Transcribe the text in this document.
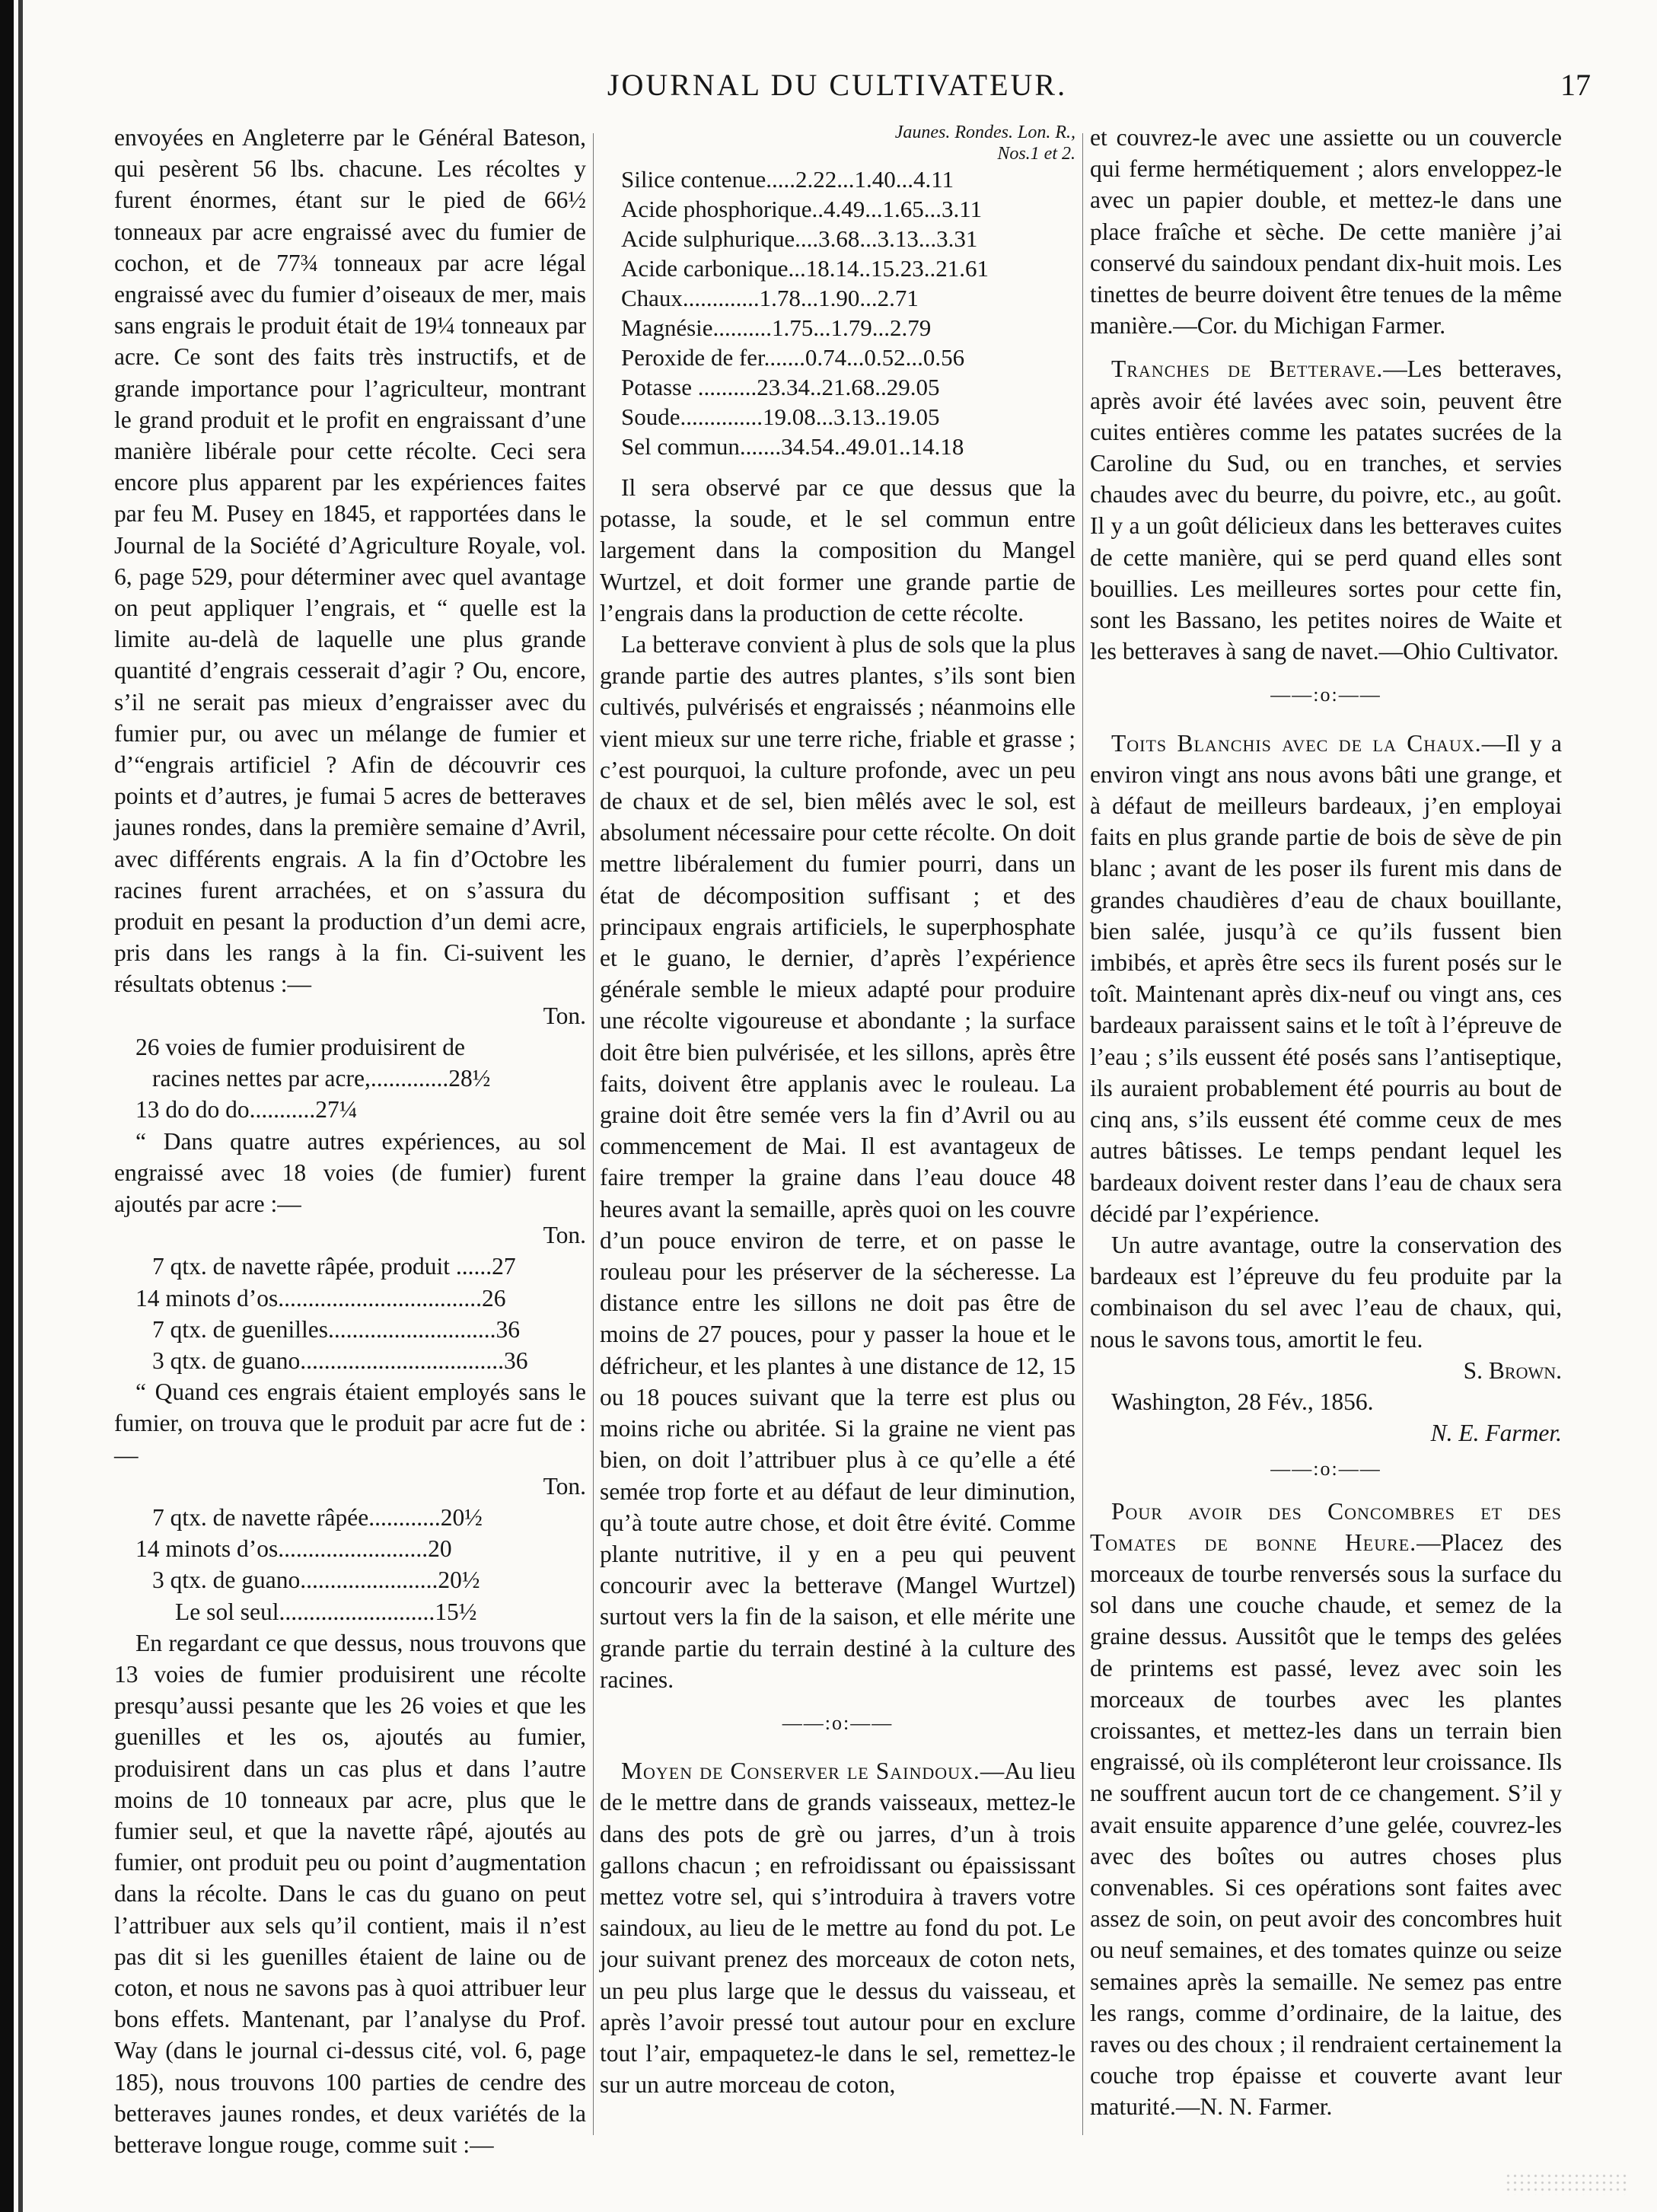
JOURNAL DU CULTIVATEUR.	17

envoyées en Angleterre par le Général Bateson, qui pesèrent 56 lbs. chacune. Les récoltes y furent énormes, étant sur le pied de 66½ tonneaux par acre engraissé avec du fumier de cochon, et de 77¾ tonneaux par acre légal engraissé avec du fumier d’oiseaux de mer, mais sans engrais le produit était de 19¼ tonneaux par acre. Ce sont des faits très instructifs, et de grande importance pour l’agriculteur, montrant le grand produit et le profit en engraissant d’une manière libérale pour cette récolte. Ceci sera encore plus apparent par les expériences faites par feu M. Pusey en 1845, et rapportées dans le Journal de la Société d’Agriculture Royale, vol. 6, page 529, pour déterminer avec quel avantage on peut appliquer l’engrais, et “ quelle est la limite au-delà de laquelle une plus grande quantité d’engrais cesserait d’agir ? Ou, encore, s’il ne serait pas mieux d’engraisser avec du fumier pur, ou avec un mélange de fumier et d’“engrais artificiel ? Afin de découvrir ces points et d’autres, je fumai 5 acres de betteraves jaunes rondes, dans la première semaine d’Avril, avec différents engrais. A la fin d’Octobre les racines furent arrachées, et on s’assura du produit en pesant la production d’un demi acre, pris dans les rangs à la fin. Ci-suivent les résultats obtenus :—

Ton.

26 voies de fumier produisirent de

racines nettes par acre,.............28½

13 do do do...........27¼

“ Dans quatre autres expériences, au sol engraissé avec 18 voies (de fumier) furent ajoutés par acre :—

Ton.

7 qtx. de navette râpée, produit ......27

14 minots d’os..................................26

7 qtx. de guenilles............................36

3 qtx. de guano..................................36

“ Quand ces engrais étaient employés sans le fumier, on trouva que le produit par acre fut de :—

Ton.

7 qtx. de navette râpée............20½

14 minots d’os.........................20

3 qtx. de guano.......................20½

Le sol seul..........................15½

En regardant ce que dessus, nous trouvons que 13 voies de fumier produisirent une récolte presqu’aussi pesante que les 26 voies et que les guenilles et les os, ajoutés au fumier, produisirent dans un cas plus et dans l’autre moins de 10 tonneaux par acre, plus que le fumier seul, et que la navette râpé, ajoutés au fumier, ont produit peu ou point d’augmentation dans la récolte. Dans le cas du guano on peut l’attribuer aux sels qu’il contient, mais il n’est pas dit si les guenilles étaient de laine ou de coton, et nous ne savons pas à quoi attribuer leur bons effets. Mantenant, par l’analyse du Prof. Way (dans le journal ci-dessus cité, vol. 6, page 185), nous trouvons 100 parties de cendre des betteraves jaunes rondes, et deux variétés de la betterave longue rouge, comme suit :—

Jaunes. Rondes. Lon. R.,

Nos.1 et 2.

Silice contenue.....2.22...1.40...4.11

Acide phosphorique..4.49...1.65...3.11

Acide sulphurique....3.68...3.13...3.31

Acide carbonique...18.14..15.23..21.61

Chaux.............1.78...1.90...2.71

Magnésie..........1.75...1.79...2.79

Peroxide de fer.......0.74...0.52...0.56

Potasse ..........23.34..21.68..29.05

Soude..............19.08...3.13..19.05

Sel commun.......34.54..49.01..14.18

Il sera observé par ce que dessus que la potasse, la soude, et le sel commun entre largement dans la composition du Mangel Wurtzel, et doit former une grande partie de l’engrais dans la production de cette récolte.

La betterave convient à plus de sols que la plus grande partie des autres plantes, s’ils sont bien cultivés, pulvérisés et engraissés ; néanmoins elle vient mieux sur une terre riche, friable et grasse ; c’est pourquoi, la culture profonde, avec un peu de chaux et de sel, bien mêlés avec le sol, est absolument nécessaire pour cette récolte. On doit mettre libéralement du fumier pourri, dans un état de décomposition suffisant ; et des principaux engrais artificiels, le superphosphate et le guano, le dernier, d’après l’expérience générale semble le mieux adapté pour produire une récolte vigoureuse et abondante ; la surface doit être bien pulvérisée, et les sillons, après être faits, doivent être applanis avec le rouleau. La graine doit être semée vers la fin d’Avril ou au commencement de Mai. Il est avantageux de faire tremper la graine dans l’eau douce 48 heures avant la semaille, après quoi on les couvre d’un pouce environ de terre, et on passe le rouleau pour les préserver de la sécheresse. La distance entre les sillons ne doit pas être de moins de 27 pouces, pour y passer la houe et le défricheur, et les plantes à une distance de 12, 15 ou 18 pouces suivant que la terre est plus ou moins riche ou abritée. Si la graine ne vient pas bien, on doit l’attribuer plus à ce qu’elle a été semée trop forte et au défaut de leur diminution, qu’à toute autre chose, et doit être évité. Comme plante nutritive, il y en a peu qui peuvent concourir avec la betterave (Mangel Wurtzel) surtout vers la fin de la saison, et elle mérite une grande partie du terrain destiné à la culture des racines.

——:o:——

Moyen de Conserver le Saindoux.—Au lieu de le mettre dans de grands vaisseaux, mettez-le dans des pots de grè ou jarres, d’un à trois gallons chacun ; en refroidissant ou épaississant mettez votre sel, qui s’introduira à travers votre saindoux, au lieu de le mettre au fond du pot. Le jour suivant prenez des morceaux de coton nets, un peu plus large que le dessus du vaisseau, et après l’avoir pressé tout autour pour en exclure tout l’air, empaquetez-le dans le sel, remettez-le sur un autre morceau de coton,

et couvrez-le avec une assiette ou un couvercle qui ferme hermétiquement ; alors enveloppez-le avec un papier double, et mettez-le dans une place fraîche et sèche. De cette manière j’ai conservé du saindoux pendant dix-huit mois. Les tinettes de beurre doivent être tenues de la même manière.—Cor. du Michigan Farmer.

Tranches de Betterave.—Les betteraves, après avoir été lavées avec soin, peuvent être cuites entières comme les patates sucrées de la Caroline du Sud, ou en tranches, et servies chaudes avec du beurre, du poivre, etc., au goût. Il y a un goût délicieux dans les betteraves cuites de cette manière, qui se perd quand elles sont bouillies. Les meilleures sortes pour cette fin, sont les Bassano, les petites noires de Waite et les betteraves à sang de navet.—Ohio Cultivator.

——:o:——

Toits Blanchis avec de la Chaux.—Il y a environ vingt ans nous avons bâti une grange, et à défaut de meilleurs bardeaux, j’en employai faits en plus grande partie de bois de sève de pin blanc ; avant de les poser ils furent mis dans de grandes chaudières d’eau de chaux bouillante, bien salée, jusqu’à ce qu’ils fussent bien imbibés, et après être secs ils furent posés sur le toît. Maintenant après dix-neuf ou vingt ans, ces bardeaux paraissent sains et le toît à l’épreuve de l’eau ; s’ils eussent été posés sans l’antiseptique, ils auraient probablement été pourris au bout de cinq ans, s’ils eussent été comme ceux de mes autres bâtisses. Le temps pendant lequel les bardeaux doivent rester dans l’eau de chaux sera décidé par l’expérience.

Un autre avantage, outre la conservation des bardeaux est l’épreuve du feu produite par la combinaison du sel avec l’eau de chaux, qui, nous le savons tous, amortit le feu.

S. Brown.

Washington, 28 Fév., 1856.

N. E. Farmer.

——:o:——

Pour avoir des Concombres et des Tomates de bonne Heure.—Placez des morceaux de tourbe renversés sous la surface du sol dans une couche chaude, et semez de la graine dessus. Aussitôt que le temps des gelées de printems est passé, levez avec soin les morceaux de tourbes avec les plantes croissantes, et mettez-les dans un terrain bien engraissé, où ils compléteront leur croissance. Ils ne souffrent aucun tort de ce changement. S’il y avait ensuite apparence d’une gelée, couvrez-les avec des boîtes ou autres choses plus convenables. Si ces opérations sont faites avec assez de soin, on peut avoir des concombres huit ou neuf semaines, et des tomates quinze ou seize semaines après la semaille. Ne semez pas entre les rangs, comme d’ordinaire, de la laitue, des raves ou des choux ; il rendraient certainement la couche trop épaisse et couverte avant leur maturité.—N. N. Farmer.
